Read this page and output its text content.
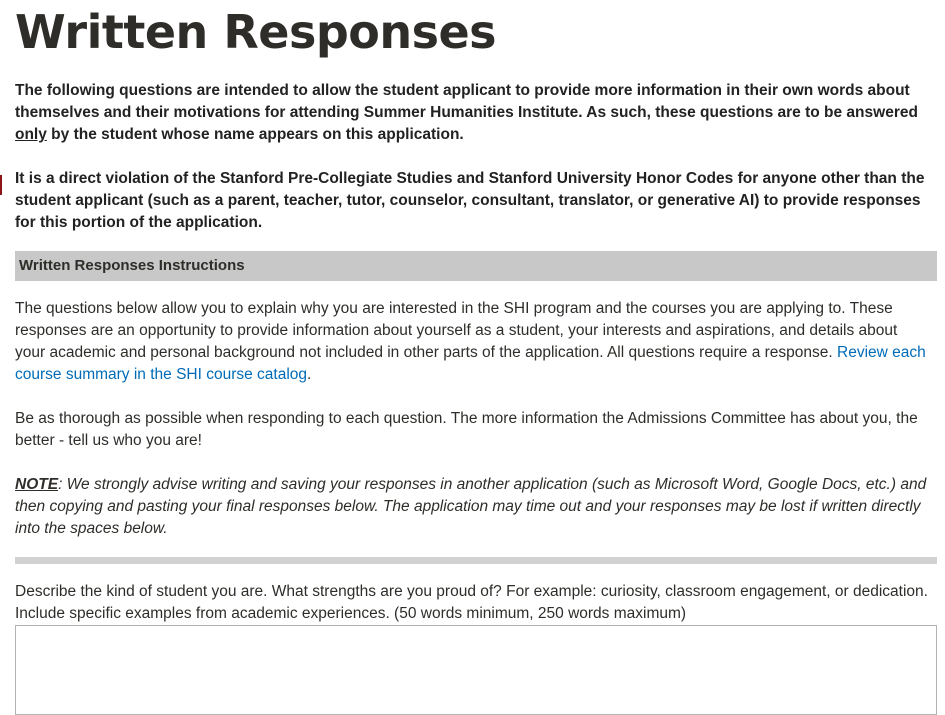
Written Responses
The following questions are intended to allow the student applicant to provide more information in their own words about themselves and their motivations for attending Summer Humanities Institute. As such, these questions are to be answered only by the student whose name appears on this application.
It is a direct violation of the Stanford Pre-Collegiate Studies and Stanford University Honor Codes for anyone other than the student applicant (such as a parent, teacher, tutor, counselor, consultant, translator, or generative AI) to provide responses for this portion of the application.
Written Responses Instructions
The questions below allow you to explain why you are interested in the SHI program and the courses you are applying to. These responses are an opportunity to provide information about yourself as a student, your interests and aspirations, and details about your academic and personal background not included in other parts of the application. All questions require a response. Review each course summary in the SHI course catalog.
Be as thorough as possible when responding to each question. The more information the Admissions Committee has about you, the better - tell us who you are!
NOTE: We strongly advise writing and saving your responses in another application (such as Microsoft Word, Google Docs, etc.) and then copying and pasting your final responses below. The application may time out and your responses may be lost if written directly into the spaces below.
Describe the kind of student you are. What strengths are you proud of? For example: curiosity, classroom engagement, or dedication. Include specific examples from academic experiences. (50 words minimum, 250 words maximum)
